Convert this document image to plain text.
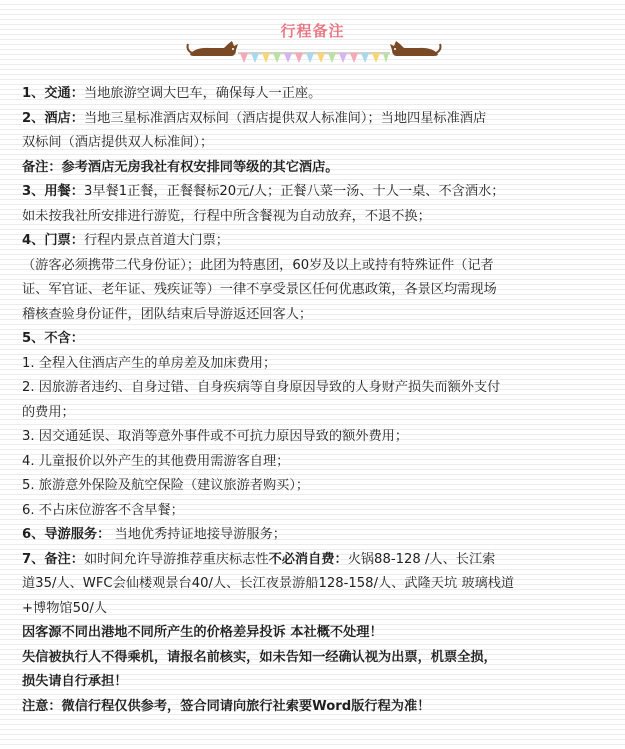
行程备注
1、交通：当地旅游空调大巴车，确保每人一正座。
2、酒店：当地三星标准酒店双标间（酒店提供双人标准间）；当地四星标准酒店
双标间（酒店提供双人标准间）；
备注：参考酒店无房我社有权安排同等级的其它酒店。
3、用餐：3早餐1正餐，正餐餐标20元/人；正餐八菜一汤、十人一桌、不含酒水；
如未按我社所安排进行游览，行程中所含餐视为自动放弃，不退不换；
4、门票：行程内景点首道大门票；
（游客必须携带二代身份证）；此团为特惠团，60岁及以上或持有特殊证件（记者
证、军官证、老年证、残疾证等）一律不享受景区任何优惠政策，各景区均需现场
稽核查验身份证件，团队结束后导游返还回客人；
5、不含：
1. 全程入住酒店产生的单房差及加床费用；
2. 因旅游者违约、自身过错、自身疾病等自身原因导致的人身财产损失而额外支付
的费用；
3. 因交通延误、取消等意外事件或不可抗力原因导致的额外费用；
4. 儿童报价以外产生的其他费用需游客自理；
5. 旅游意外保险及航空保险（建议旅游者购买）；
6. 不占床位游客不含早餐；
6、导游服务： 当地优秀持证地接导游服务；
7、备注：如时间允许导游推荐重庆标志性不必消自费：火锅88-128 /人、长江索
道35/人、WFC会仙楼观景台40/人、长江夜景游船128-158/人、武隆天坑 玻璃栈道
+博物馆50/人
因客源不同出港地不同所产生的价格差异投诉 本社概不处理！
失信被执行人不得乘机，请报名前核实，如未告知一经确认视为出票，机票全损，
损失请自行承担！
注意：微信行程仅供参考，签合同请向旅行社索要Word版行程为准！
